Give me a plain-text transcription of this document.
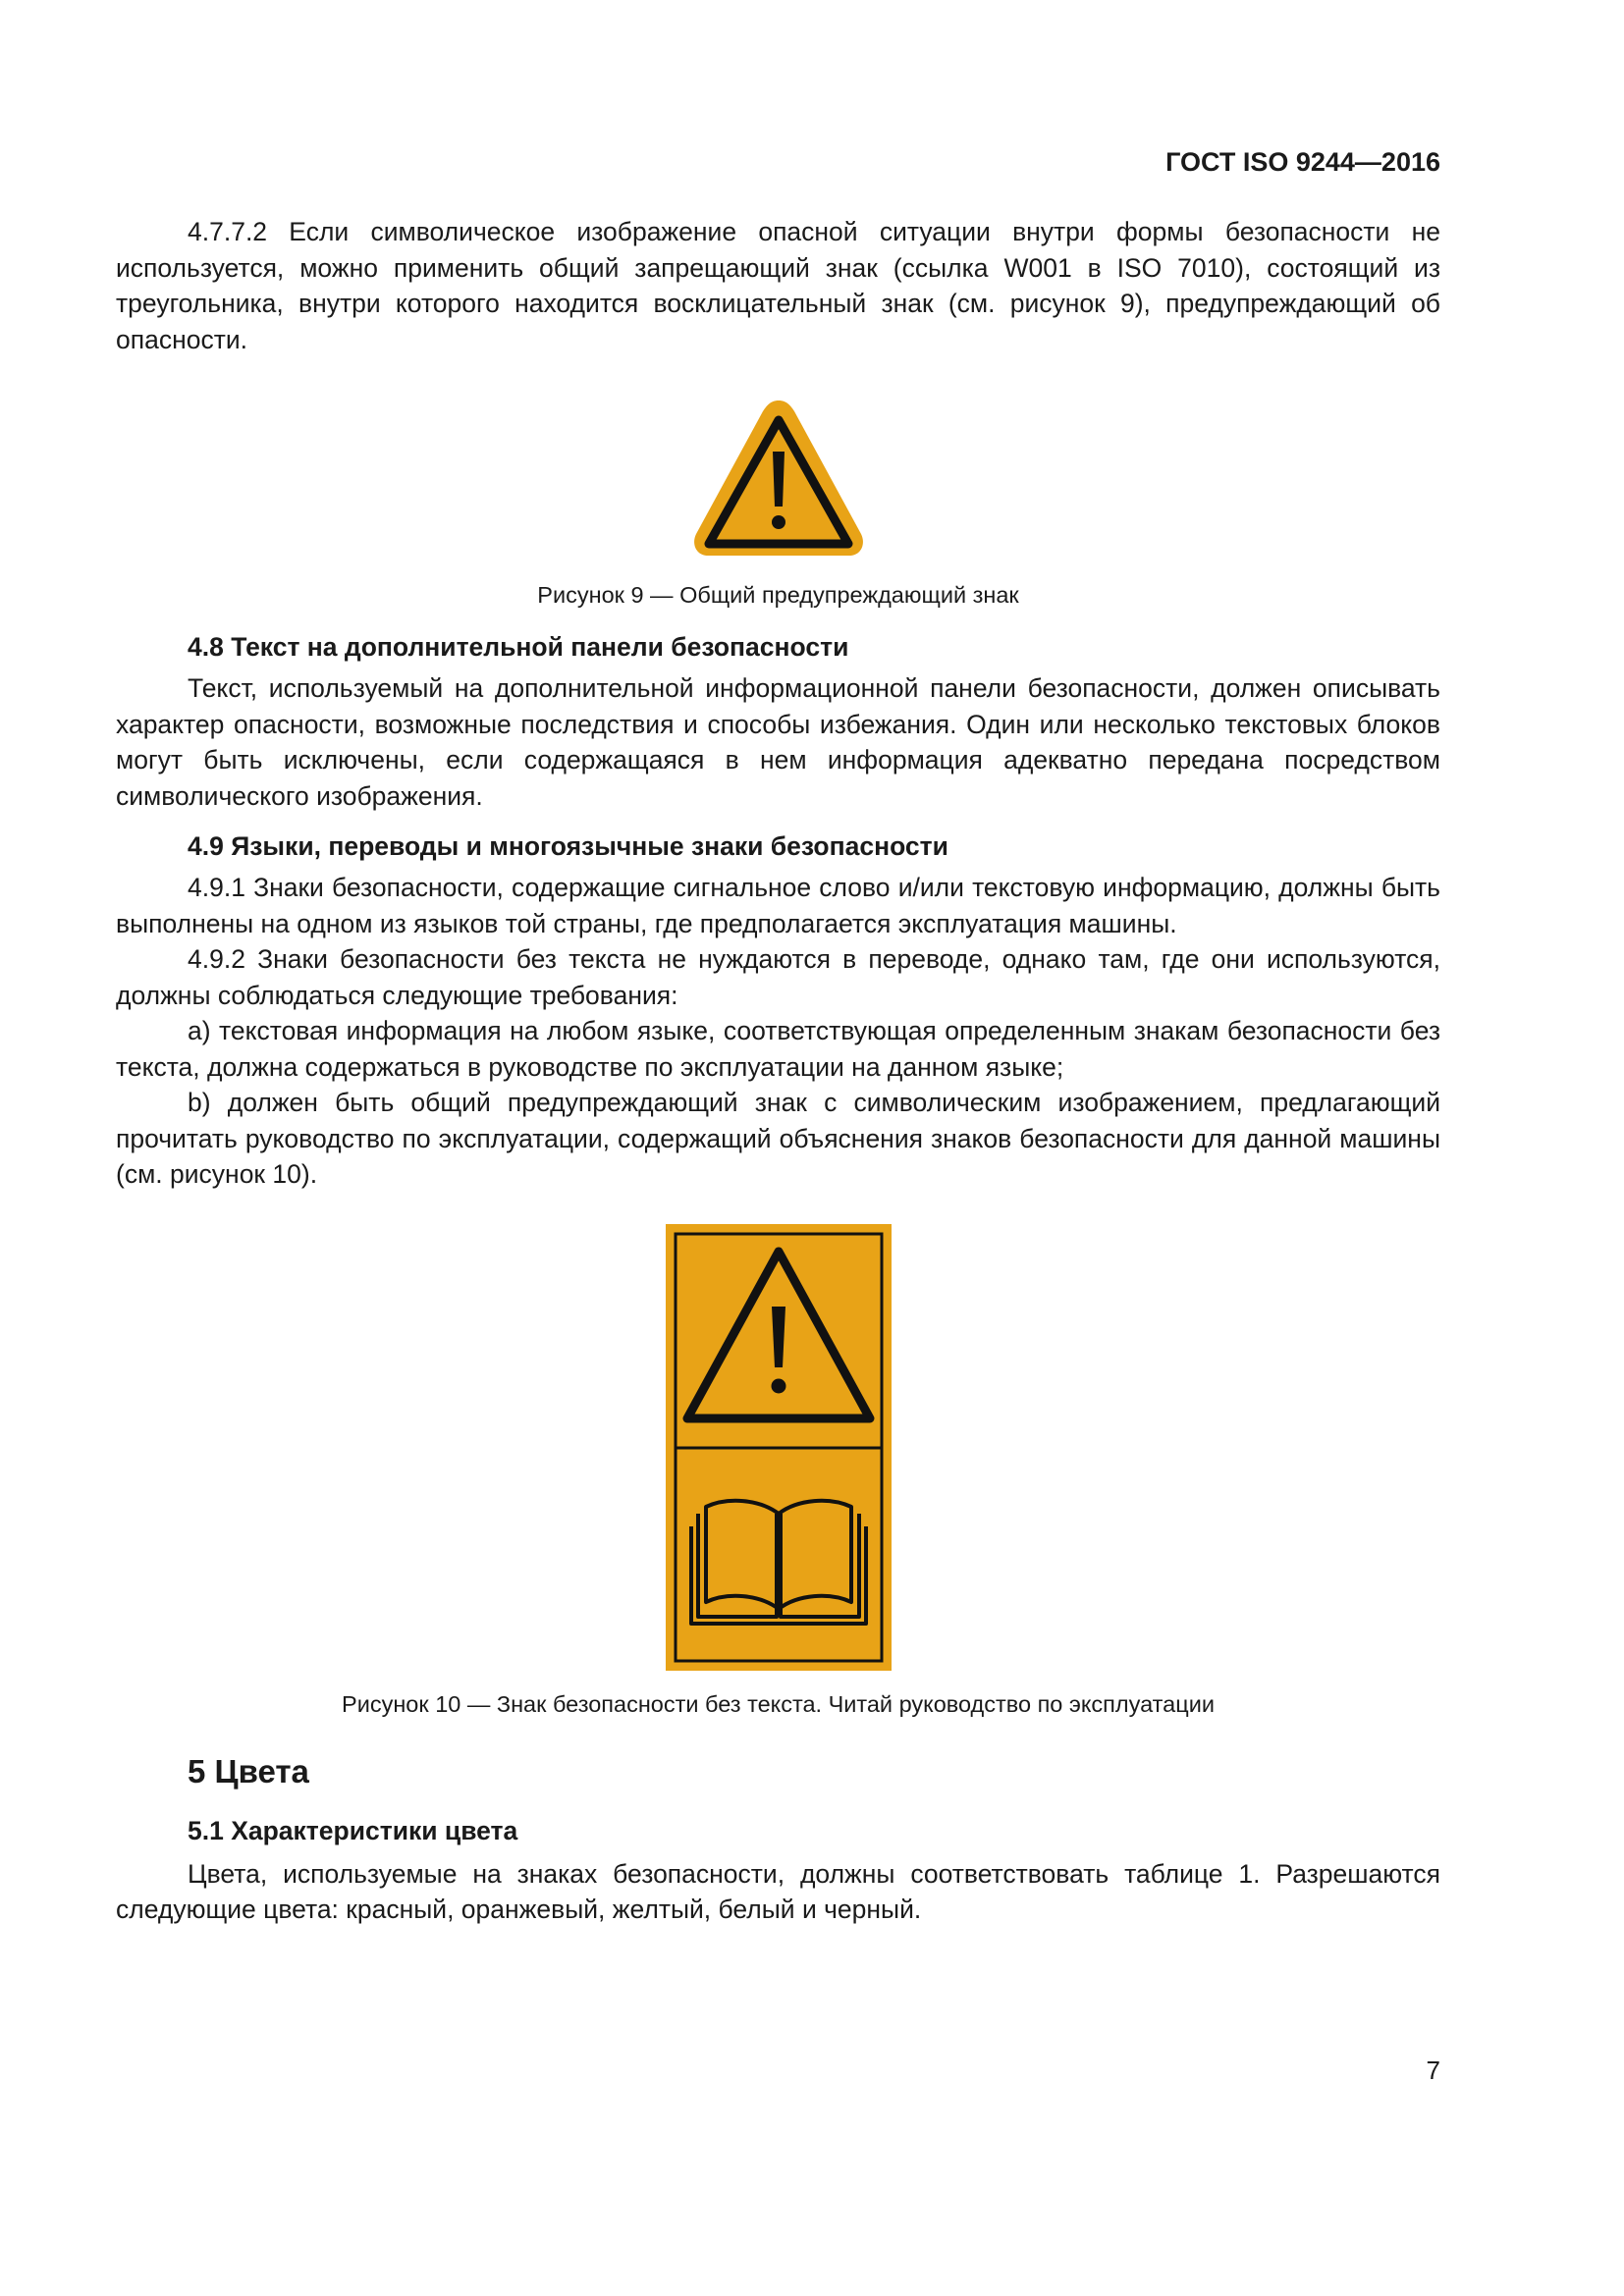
ГОСТ ISO 9244—2016

4.7.7.2 Если символическое изображение опасной ситуации внутри формы безопасности не используется, можно применить общий запрещающий знак (ссылка W001 в ISO 7010), состоящий из треугольника, внутри которого находится восклицательный знак (см. рисунок 9), предупреждающий об опасности.

Рисунок 9 — Общий предупреждающий знак
4.8 Текст на дополнительной панели безопасности

Текст, используемый на дополнительной информационной панели безопасности, должен описывать характер опасности, возможные последствия и способы избежания. Один или несколько текстовых блоков могут быть исключены, если содержащаяся в нем информация адекватно передана посредством символического изображения.

4.9 Языки, переводы и многоязычные знаки безопасности

4.9.1 Знаки безопасности, содержащие сигнальное слово и/или текстовую информацию, должны быть выполнены на одном из языков той страны, где предполагается эксплуатация машины.

4.9.2 Знаки безопасности без текста не нуждаются в переводе, однако там, где они используются, должны соблюдаться следующие требования:

a) текстовая информация на любом языке, соответствующая определенным знакам безопасности без текста, должна содержаться в руководстве по эксплуатации на данном языке;

b) должен быть общий предупреждающий знак с символическим изображением, предлагающий прочитать руководство по эксплуатации, содержащий объяснения знаков безопасности для данной машины (см. рисунок 10).

Рисунок 10 — Знак безопасности без текста. Читай руководство по эксплуатации
5 Цвета
5.1 Характеристики цвета

Цвета, используемые на знаках безопасности, должны соответствовать таблице 1. Разрешаются следующие цвета: красный, оранжевый, желтый, белый и черный.

7
